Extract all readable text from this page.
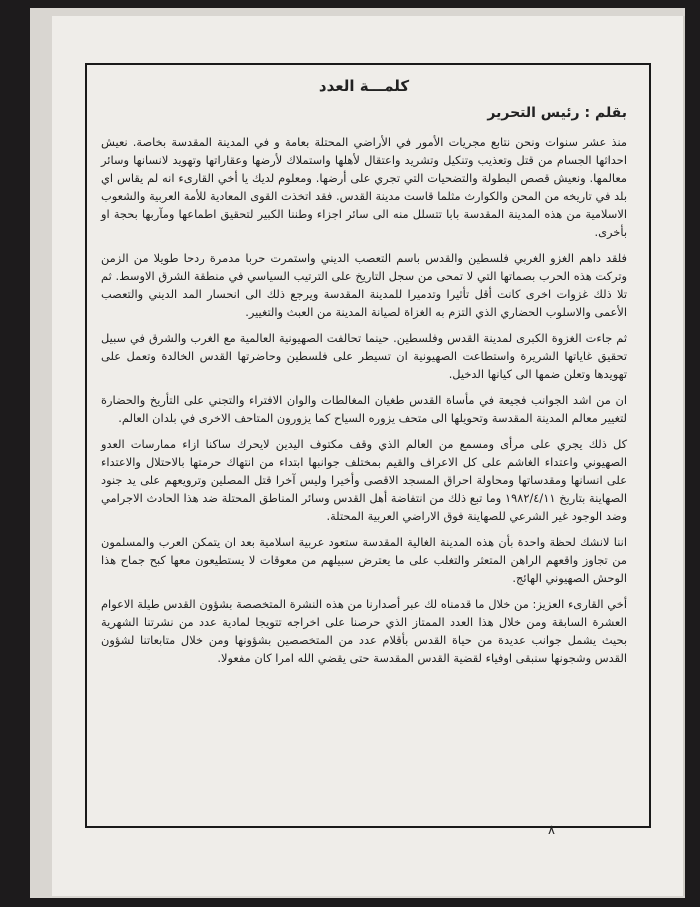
كلمـــة العدد
بقلم : رئيس التحرير

منذ عشر سنوات ونحن نتابع مجريات الأمور في الأراضي المحتلة بعامة و في المدينة المقدسة بخاصة. نعيش احداثها الجسام من قتل وتعذيب وتنكيل وتشريد واعتقال لأهلها واستملاك لأرضها وعقاراتها وتهويد لانسانها وسائر معالمها. ونعيش قصص البطولة والتضحيات التي تجري على أرضها. ومعلوم لديك يا أخي القارىء انه لم يقاس اي بلد في تاريخه من المحن والكوارث مثلما قاست مدينة القدس. فقد اتخذت القوى المعادية للأمة العربية والشعوب الاسلامية من هذه المدينة المقدسة بابا تتسلل منه الى سائر اجزاء وطننا الكبير لتحقيق اطماعها ومآربها بحجة او بأخرى.

فلقد داهم الغزو الغربي فلسطين والقدس باسم التعصب الديني واستمرت حربا مدمرة ردحا طويلا من الزمن وتركت هذه الحرب بصماتها التي لا تمحى من سجل التاريخ على الترتيب السياسي في منطقة الشرق الاوسط. ثم تلا ذلك غزوات اخرى كانت أقل تأثيرا وتدميرا للمدينة المقدسة ويرجع ذلك الى انحسار المد الديني والتعصب الأعمى والاسلوب الحضاري الذي التزم به الغزاة لصيانة المدينة من العبث والتغيير.

ثم جاءت الغزوة الكبرى لمدينة القدس وفلسطين. حينما تحالفت الصهيونية العالمية مع الغرب والشرق في سبيل تحقيق غاياتها الشريرة واستطاعت الصهيونية ان تسيطر على فلسطين وحاضرتها القدس الخالدة وتعمل على تهويدها وتعلن ضمها الى كيانها الدخيل.

ان من اشد الجوانب فجيعة في مأساة القدس طغيان المغالطات والوان الافتراء والتجني على التأريخ والحضارة لتغيير معالم المدينة المقدسة وتحويلها الى متحف يزوره السياح كما يزورون المتاحف الاخرى في بلدان العالم.

كل ذلك يجري على مرأى ومسمع من العالم الذي وقف مكتوف اليدين لايحرك ساكنا ازاء ممارسات العدو الصهيوني واعتداء الغاشم على كل الاعراف والقيم بمختلف جوانبها ابتداء من انتهاك حرمتها بالاحتلال والاعتداء على انسانها ومقدساتها ومحاولة احراق المسجد الاقصى وأخيرا وليس آخرا قتل المصلين وترويعهم على يد جنود الصهاينة بتاريخ ١٩٨٢/٤/١١ وما تبع ذلك من انتفاضة أهل القدس وسائر المناطق المحتلة ضد هذا الحادث الاجرامي وضد الوجود غير الشرعي للصهاينة فوق الاراضي العربية المحتلة.

اننا لانشك لحظة واحدة بأن هذه المدينة الغالية المقدسة ستعود عربية اسلامية بعد ان يتمكن العرب والمسلمون من تجاوز واقعهم الراهن المتعثر والتغلب على ما يعترض سبيلهم من معوقات لا يستطيعون معها كبح جماح هذا الوحش الصهيوني الهائج.

أخي القارىء العزيز: من خلال ما قدمناه لك عبر أصدارنا من هذه النشرة المتخصصة بشؤون القدس طيلة الاعوام العشرة السابقة ومن خلال هذا العدد الممتاز الذي حرصنا على اخراجه تتويجا لمادية عدد من نشرتنا الشهرية بحيث يشمل جوانب عديدة من حياة القدس بأقلام عدد من المتخصصين بشؤونها ومن خلال متابعاتنا لشؤون القدس وشجونها سنبقى اوفياء لقضية القدس المقدسة حتى يقضي الله امرا كان مفعولا.

٨
